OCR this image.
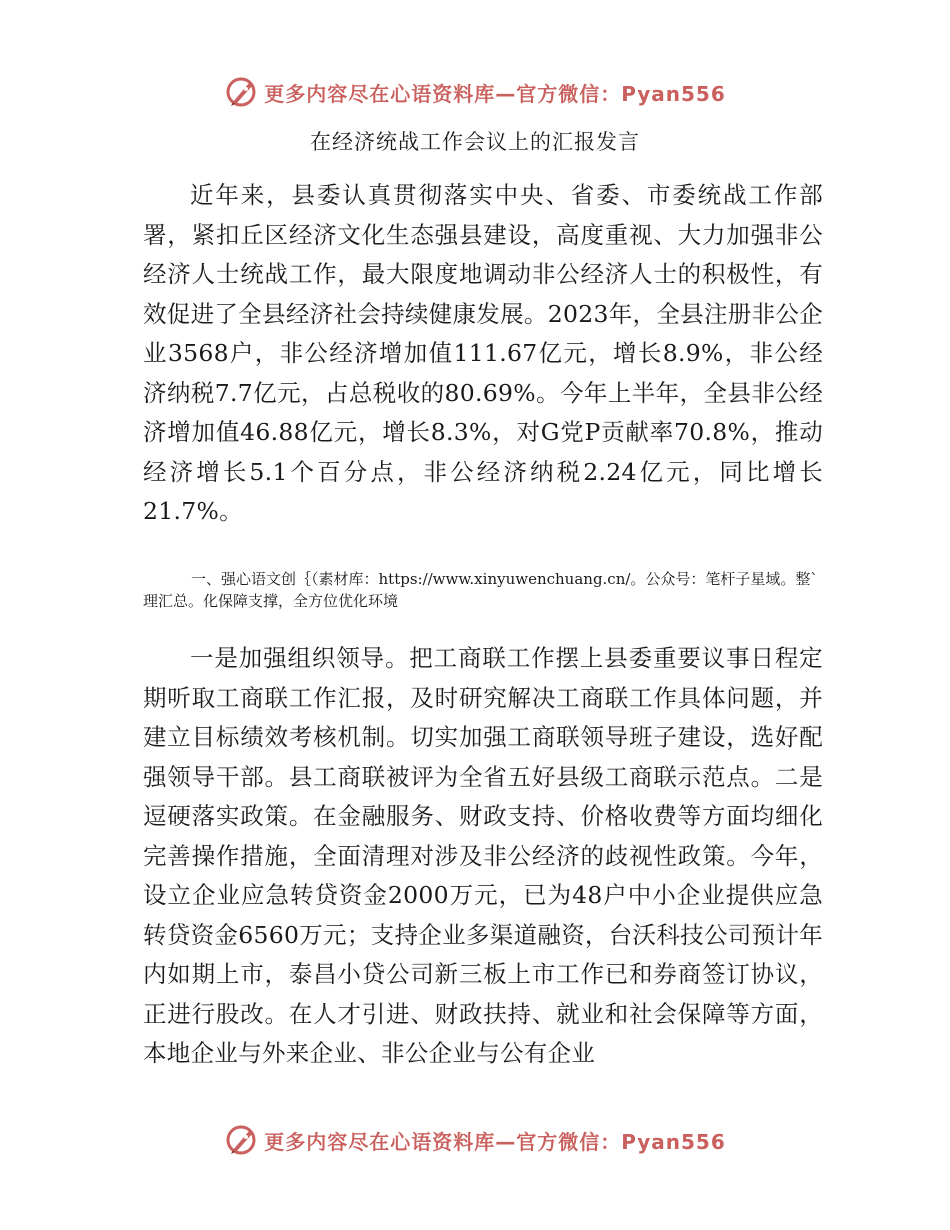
更多内容尽在心语资料库—官方微信：Pyan556
在经济统战工作会议上的汇报发言

近年来，县委认真贯彻落实中央、省委、市委统战工作部署，紧扣丘区经济文化生态强县建设，高度重视、大力加强非公经济人士统战工作，最大限度地调动非公经济人士的积极性，有效促进了全县经济社会持续健康发展。2023年，全县注册非公企业3568户，非公经济增加值111.67亿元，增长8.9%，非公经济纳税7.7亿元，占总税收的80.69%。今年上半年，全县非公经济增加值46.88亿元，增长8.3%，对G党P贡献率70.8%，推动经济增长5.1个百分点，非公经济纳税2.24亿元，同比增长21.7%。

一、强心语文创｛（素材库：https://www.xinyuwenchuang.cn/。公众号：笔杆子星域。整`理汇总。化保障支撑，全方位优化环境

一是加强组织领导。把工商联工作摆上县委重要议事日程定期听取工商联工作汇报，及时研究解决工商联工作具体问题，并建立目标绩效考核机制。切实加强工商联领导班子建设，选好配强领导干部。县工商联被评为全省五好县级工商联示范点。二是逗硬落实政策。在金融服务、财政支持、价格收费等方面均细化完善操作措施，全面清理对涉及非公经济的歧视性政策。今年，设立企业应急转贷资金2000万元，已为48户中小企业提供应急转贷资金6560万元；支持企业多渠道融资，台沃科技公司预计年内如期上市，泰昌小贷公司新三板上市工作已和券商签订协议，正进行股改。在人才引进、财政扶持、就业和社会保障等方面，本地企业与外来企业、非公企业与公有企业

更多内容尽在心语资料库—官方微信：Pyan556
